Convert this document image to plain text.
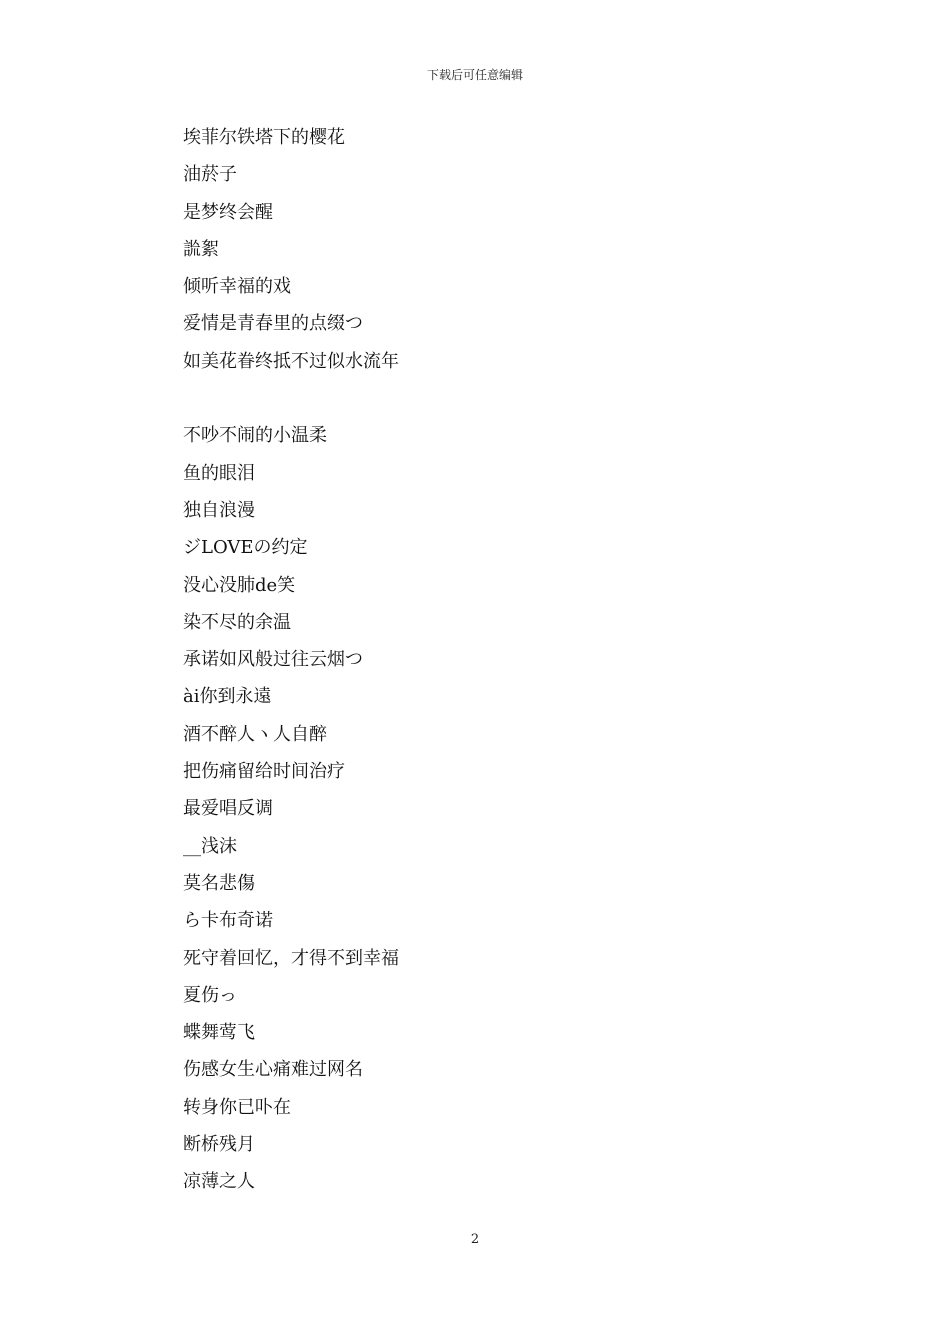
下载后可任意编辑
埃菲尔铁塔下的樱花
油菸子
是梦终会醒
詤絮
倾听幸福的戏
爱情是青春里的点缀つ
如美花眷终抵不过似水流年
不吵不闹的小温柔
鱼的眼泪
独自浪漫
ジLOVEの约定
没心没肺de笑
染不尽的余温
承诺如风般过往云烟つ
ài你到永遠
酒不醉人ヽ人自醉
把伤痛留给时间治疗
最爱唱反调
__浅沫
莫名悲傷
ら卡布奇诺
死守着回忆，才得不到幸福
夏伤っ
蝶舞莺飞
伤感女生心痛难过网名
转身你已卟在
断桥残月
凉薄之人
2
